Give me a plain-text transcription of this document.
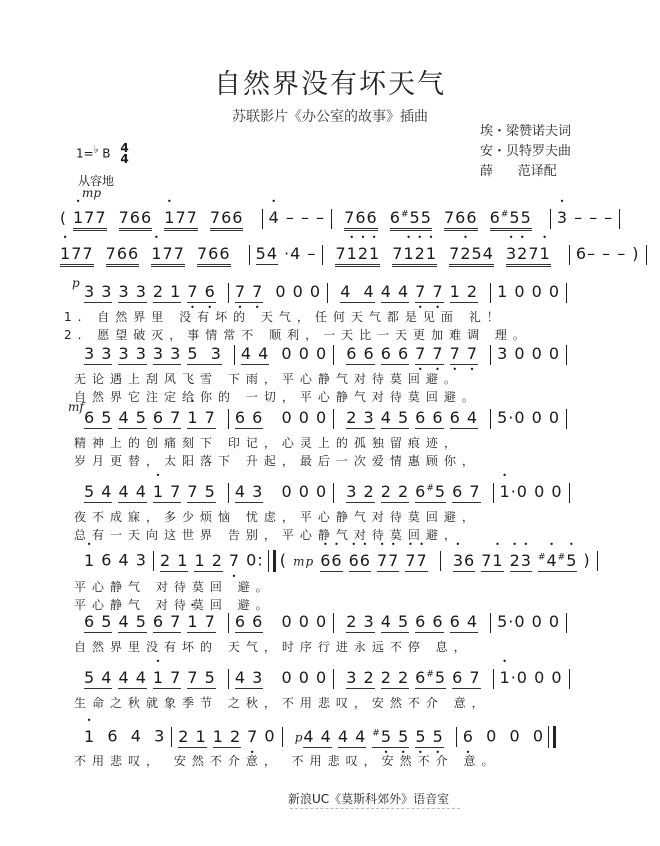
自然界没有坏天气
苏联影片《办公室的故事》插曲
埃・梁赞诺夫词
安・贝特罗夫曲
薛      范译配
1=♭ B 4
4
从容地
mp
( • 177 766 • 177 766 • 4 – – – 766 6#55 766 6#55 • 3 – – –
• 177 766 • 177 766 54 ·4 – 7• 1• 2• 1 7• 1• 2• 1 7• 254 • 3• 27• 1 6– – – )
p 3 3 3 3 2 1 7 • 6 • 7 • 7 • 0 0 0 4  4 4 4 7 • 7 • 1 2 1 0 0 0
1. 自然界里 没有坏的 天气，任何天气都是见面 礼！
2. 愿望破灭，事情常不 顺利，一天比一天更加难调 理。
3 3 3 3 3 3 5  3 4 4 0 0 0 6 6 6 6 7 • 7 • 7 • 7 • 3 0 0 0
无论遇上刮风飞雪 下雨，平心静气对待莫回避。
自然界它注定给你的 一切，平心静气对待莫回避。
mf
6 5 4 5 6 7 • 1 7 6 6  0 0 0 2 3 4 5 6 6 6 4 5·0 0 0
精神上的创痛刻下 印记，心灵上的孤独留痕迹，
岁月更替，太阳落下 升起，最后一次爱情惠顾你，
5 4 4 4 • 1 7 7 5 4 3  0 0 0 3 2 2 2 6#5 6 7 • 1·0 0 0
夜不成寐，多少烦恼 忧虑，平心静气对待莫回避，
总有一天向这世界 告别，平心静气对待莫回避，
• 1 6 4 3 2 1 1 2 7 • 0: ( mp • 6• 6 • 6• 6 • 7• 7 • 7• 7 • 36 7• 1 • 2• 3 #• 4#• 5 )
平心静气 对待莫回 避。
平心静气 对待莫回 避。
6 5 4 5 6 7 • 1 7 6 6  0 0 0 2 3 4 5 6 6 6 4 5·0 0 0
自然界里没有坏的 天气，时序行进永远不停 息，
5 4 4 4 • 1 7 7 5 4 3  0 0 0 3 2 2 2 6#5 6 7 • 1·0 0 0
生命之秋就象季节 之秋，不用悲叹，安然不介 意，
• 1  6  4  3 2 1 1 2 7 • 0 p4 4 4 4 #5 • 5 • 5 • 5 • 6 •  0  0  0
不用悲叹， 安然不介意， 不用悲叹，安然不介 意。
新浪UC《莫斯科郊外》语音室
